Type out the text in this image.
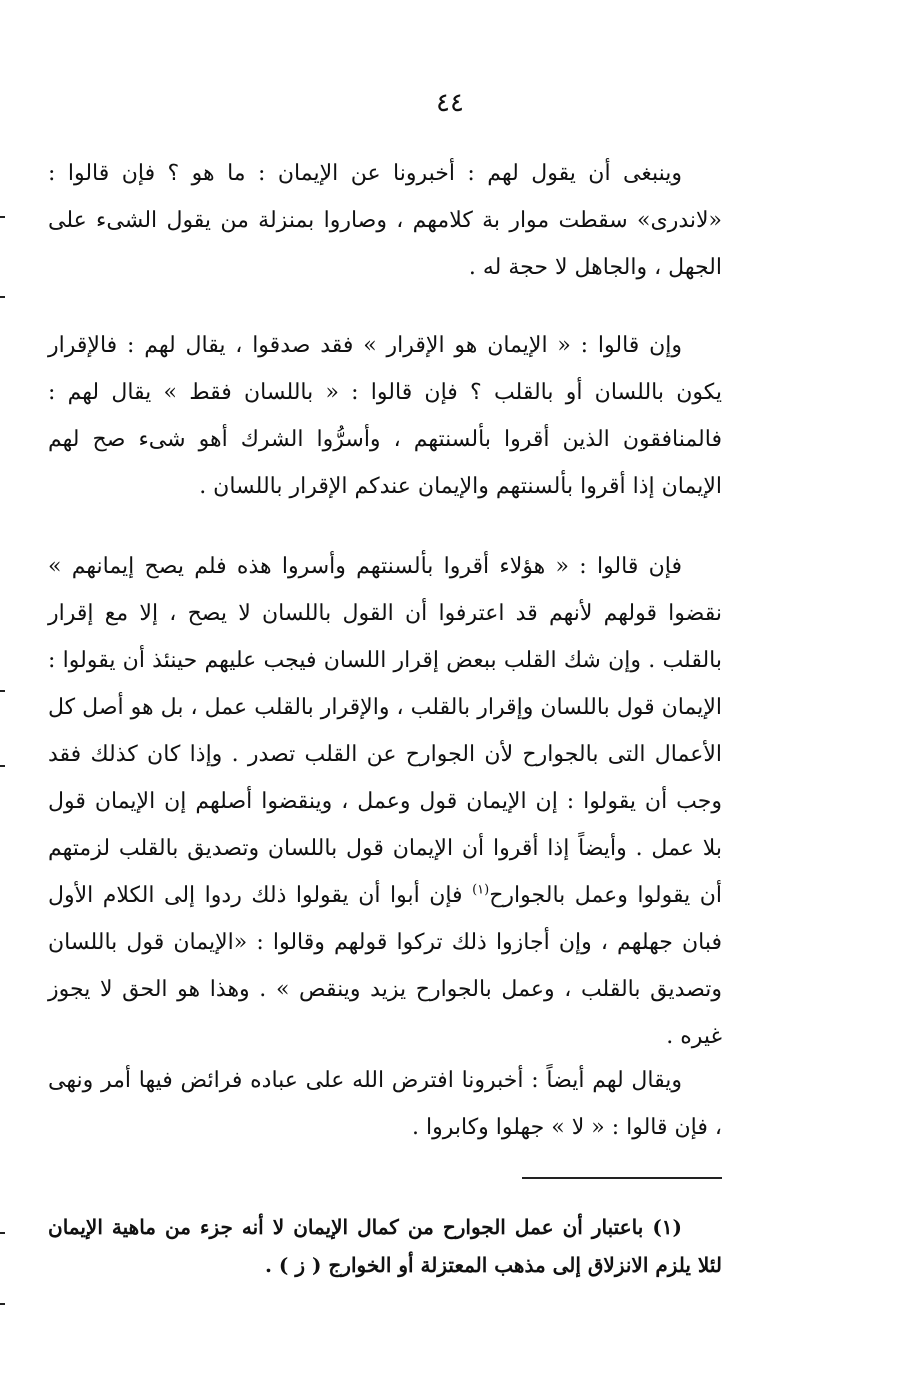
٤٤

وينبغى أن يقول لهم : أخبرونا عن الإيمان : ما هو ؟ فإن قالوا : «لاندرى» سقطت موار بة كلامهم ، وصاروا بمنزلة من يقول الشىء على الجهل ، والجاهل لا حجة له .

وإن قالوا : « الإيمان هو الإقرار » فقد صدقوا ، يقال لهم : فالإقرار يكون باللسان أو بالقلب ؟ فإن قالوا : « باللسان فقط » يقال لهم : فالمنافقون الذين أقروا بألسنتهم ، وأسرُّوا الشرك أهو شىء صح لهم الإيمان إذا أقروا بألسنتهم والإيمان عندكم الإقرار باللسان .

فإن قالوا : « هؤلاء أقروا بألسنتهم وأسروا هذه فلم يصح إيمانهم » نقضوا قولهم لأنهم قد اعترفوا أن القول باللسان لا يصح ، إلا مع إقرار بالقلب . وإن شك القلب ببعض إقرار اللسان فيجب عليهم حينئذ أن يقولوا : الإيمان قول باللسان وإقرار بالقلب ، والإقرار بالقلب عمل ، بل هو أصل كل الأعمال التى بالجوارح لأن الجوارح عن القلب تصدر . وإذا كان كذلك فقد وجب أن يقولوا : إن الإيمان قول وعمل ، وينقضوا أصلهم إن الإيمان قول بلا عمل . وأيضاً إذا أقروا أن الإيمان قول باللسان وتصديق بالقلب لزمتهم أن يقولوا وعمل بالجوارح$^{(١)}$ فإن أبوا أن يقولوا ذلك ردوا إلى الكلام الأول فبان جهلهم ، وإن أجازوا ذلك تركوا قولهم وقالوا : «الإيمان قول باللسان وتصديق بالقلب ، وعمل بالجوارح يزيد وينقص » . وهذا هو الحق لا يجوز غيره .

ويقال لهم أيضاً : أخبرونا افترض الله على عباده فرائض فيها أمر ونهى ، فإن قالوا : « لا » جهلوا وكابروا .

(١) باعتبار أن عمل الجوارح من كمال الإيمان لا أنه جزء من ماهية الإيمان لئلا يلزم الانزلاق إلى مذهب المعتزلة أو الخوارج ( ز ) .
